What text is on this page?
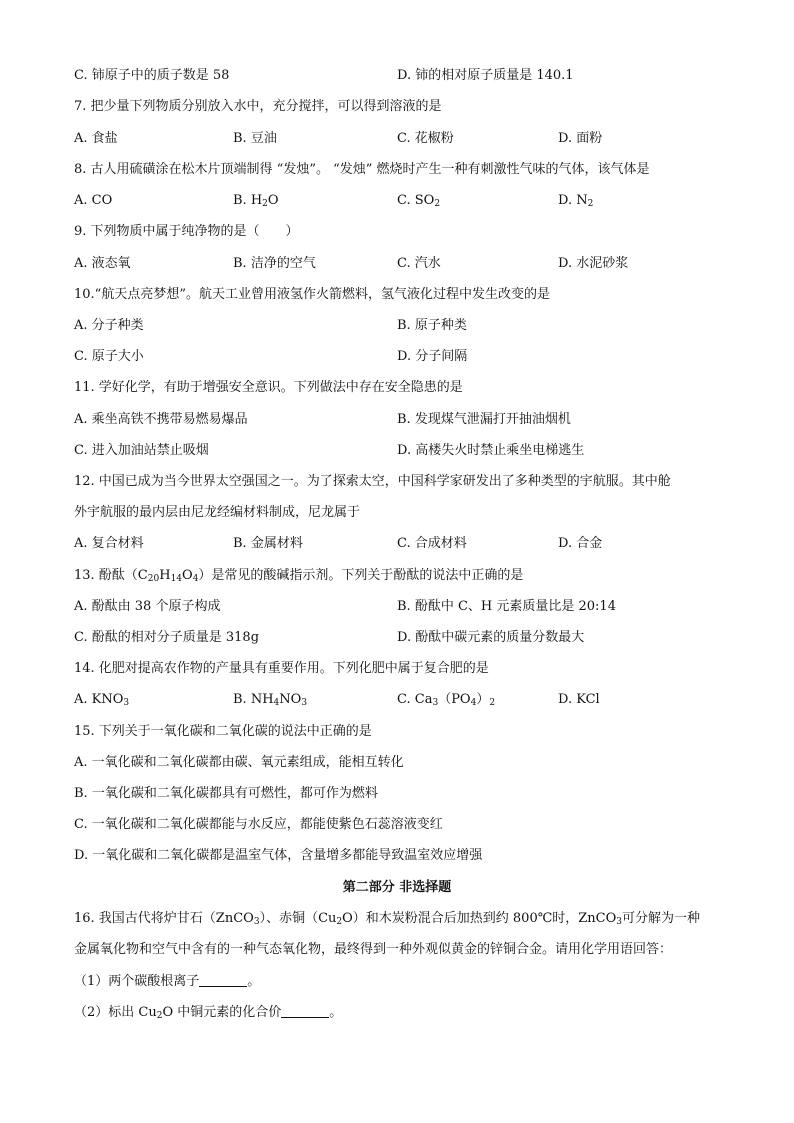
C. 铈原子中的质子数是 58	D. 铈的相对原子质量是 140.1
7. 把少量下列物质分别放入水中，充分搅拌，可以得到溶液的是
A. 食盐	B. 豆油	C. 花椒粉	D. 面粉
8. 古人用硫磺涂在松木片顶端制得 “发烛”。 “发烛” 燃烧时产生一种有刺激性气味的气体，该气体是
A. CO	B. $H_2O$	C. $SO_2$	D. $N_2$
9. 下列物质中属于纯净物的是（　　）
A. 液态氧	B. 洁净的空气	C. 汽水	D. 水泥砂浆
10.“航天点亮梦想”。航天工业曾用液氢作火箭燃料，氢气液化过程中发生改变的是
A. 分子种类	B. 原子种类
C. 原子大小	D. 分子间隔
11. 学好化学，有助于增强安全意识。下列做法中存在安全隐患的是
A. 乘坐高铁不携带易燃易爆品	B. 发现煤气泄漏打开抽油烟机
C. 进入加油站禁止吸烟	D. 高楼失火时禁止乘坐电梯逃生
12. 中国已成为当今世界太空强国之一。为了探索太空，中国科学家研发出了多种类型的宇航服。其中舱
外宇航服的最内层由尼龙经编材料制成，尼龙属于
A. 复合材料	B. 金属材料	C. 合成材料	D. 合金
13. 酚酞$(C_{20}H_{14}O_4)$是常见的酸碱指示剂。下列关于酚酞的说法中正确的是
A. 酚酞由 38 个原子构成	B. 酚酞中 C、H 元素质量比是 20:14
C. 酚酞的相对分子质量是 318g	D. 酚酞中碳元素的质量分数最大
14. 化肥对提高农作物的产量具有重要作用。下列化肥中属于复合肥的是
A. $KNO_3$	B. $NH_4NO_3$	C. $Ca_3(PO_4)_2$	D. KCl
15. 下列关于一氧化碳和二氧化碳的说法中正确的是
A. 一氧化碳和二氧化碳都由碳、氧元素组成，能相互转化
B. 一氧化碳和二氧化碳都具有可燃性，都可作为燃料
C. 一氧化碳和二氧化碳都能与水反应，都能使紫色石蕊溶液变红
D. 一氧化碳和二氧化碳都是温室气体，含量增多都能导致温室效应增强
第二部分 非选择题
16. 我国古代将炉甘石（ZnCO$_3$）、赤铜$(Cu_2O)$和木炭粉混合后加热到约 800℃时，ZnCO$_3$可分解为一种
金属氧化物和空气中含有的一种气态氧化物，最终得到一种外观似黄金的锌铜合金。请用化学用语回答：
（1）两个碳酸根离子	。
（2）标出 $Cu_2O$ 中铜元素的化合价	。
